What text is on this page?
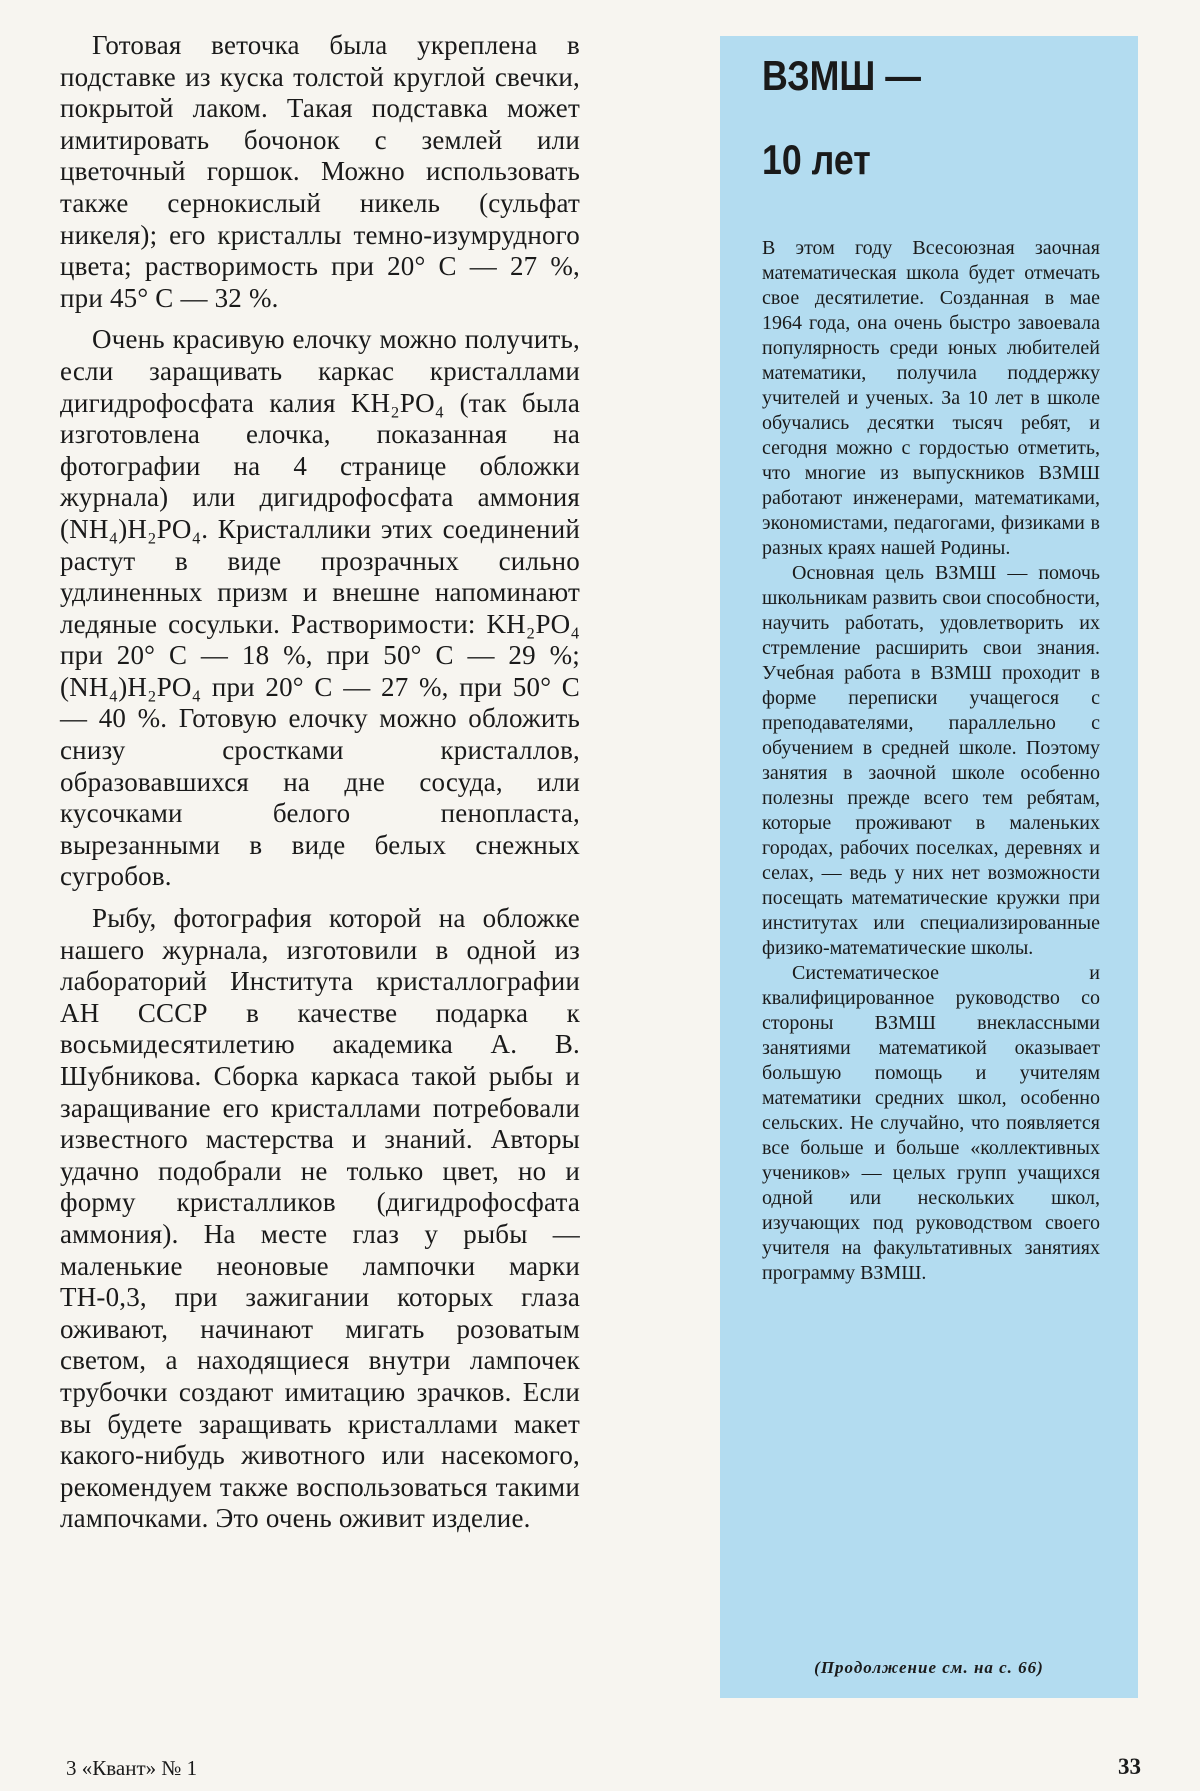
Готовая веточка была укреплена в подставке из куска толстой круглой свечки, покрытой лаком. Такая подставка может имитировать бочонок с землей или цветочный горшок. Можно использовать также сернокислый никель (сульфат никеля); его кристаллы темно-изумрудного цвета; растворимость при 20° С — 27 %, при 45° С — 32 %.

Очень красивую елочку можно получить, если заращивать каркас кристаллами дигидрофосфата калия KH₂PO₄ (так была изготовлена елочка, показанная на фотографии на 4 странице обложки журнала) или дигидрофосфата аммония (NH₄)H₂PO₄. Кристаллики этих соединений растут в виде прозрачных сильно удлиненных призм и внешне напоминают ледяные сосульки. Растворимости: KH₂PO₄ при 20° С — 18 %, при 50° С — 29 %; (NH₄)H₂PO₄ при 20° С — 27 %, при 50° С — 40 %. Готовую елочку можно обложить снизу сростками кристаллов, образовавшихся на дне сосуда, или кусочками белого пенопласта, вырезанными в виде белых снежных сугробов.

Рыбу, фотография которой на обложке нашего журнала, изготовили в одной из лабораторий Института кристаллографии АН СССР в качестве подарка к восьмидесятилетию академика А. В. Шубникова. Сборка каркаса такой рыбы и заращивание его кристаллами потребовали известного мастерства и знаний. Авторы удачно подобрали не только цвет, но и форму кристалликов (дигидрофосфата аммония). На месте глаз у рыбы — маленькие неоновые лампочки марки ТН-0,3, при зажигании которых глаза оживают, начинают мигать розоватым светом, а находящиеся внутри лампочек трубочки создают имитацию зрачков. Если вы будете заращивать кристаллами макет какого-нибудь животного или насекомого, рекомендуем также воспользоваться такими лампочками. Это очень оживит изделие.

ВЗМШ —
10 лет

В этом году Всесоюзная заочная математическая школа будет отмечать свое десятилетие. Созданная в мае 1964 года, она очень быстро завоевала популярность среди юных любителей математики, получила поддержку учителей и ученых. За 10 лет в школе обучались десятки тысяч ребят, и сегодня можно с гордостью отметить, что многие из выпускников ВЗМШ работают инженерами, математиками, экономистами, педагогами, физиками в разных краях нашей Родины.

Основная цель ВЗМШ — помочь школьникам развить свои способности, научить работать, удовлетворить их стремление расширить свои знания. Учебная работа в ВЗМШ проходит в форме переписки учащегося с преподавателями, параллельно с обучением в средней школе. Поэтому занятия в заочной школе особенно полезны прежде всего тем ребятам, которые проживают в маленьких городах, рабочих поселках, деревнях и селах, — ведь у них нет возможности посещать математические кружки при институтах или специализированные физико-математические школы.

Систематическое и квалифицированное руководство со стороны ВЗМШ внеклассными занятиями математикой оказывает большую помощь и учителям математики средних школ, особенно сельских. Не случайно, что появляется все больше и больше «коллективных учеников» — целых групп учащихся одной или нескольких школ, изучающих под руководством своего учителя на факультативных занятиях программу ВЗМШ.

(Продолжение см. на с. 66)
3 «Квант» № 1	33
